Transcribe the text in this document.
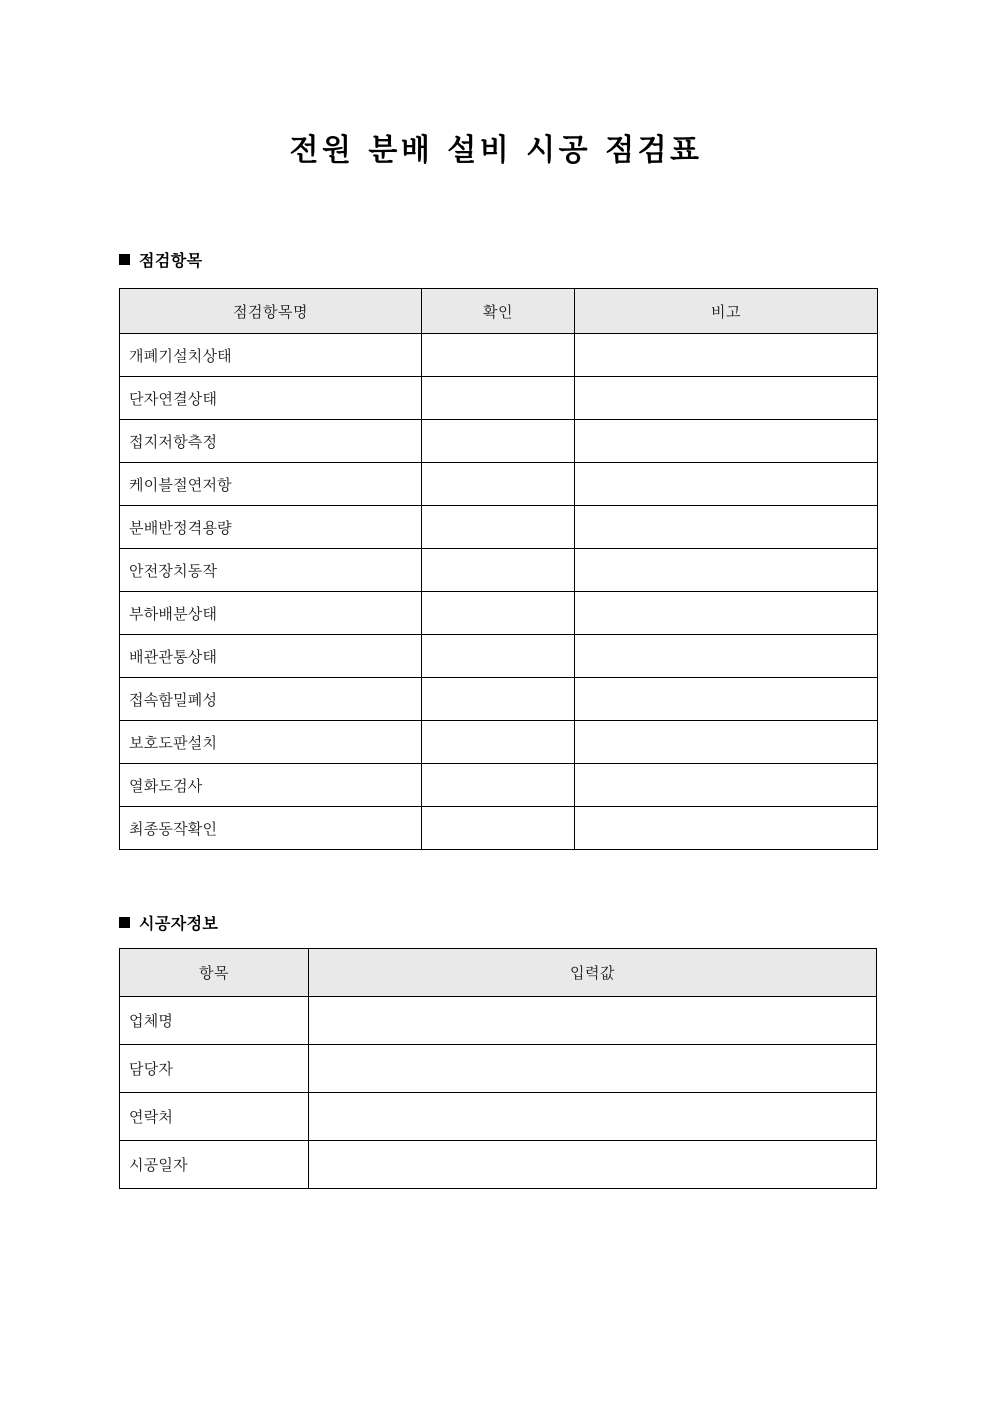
전원 분배 설비 시공 점검표
점검항목
점검항목명	확인	비고
개폐기설치상태		
단자연결상태		
접지저항측정		
케이블절연저항		
분배반정격용량		
안전장치동작		
부하배분상태		
배관관통상태		
접속함밀폐성		
보호도판설치		
열화도검사		
최종동작확인		
시공자정보
항목	입력값
업체명	
담당자	
연락처	
시공일자	
